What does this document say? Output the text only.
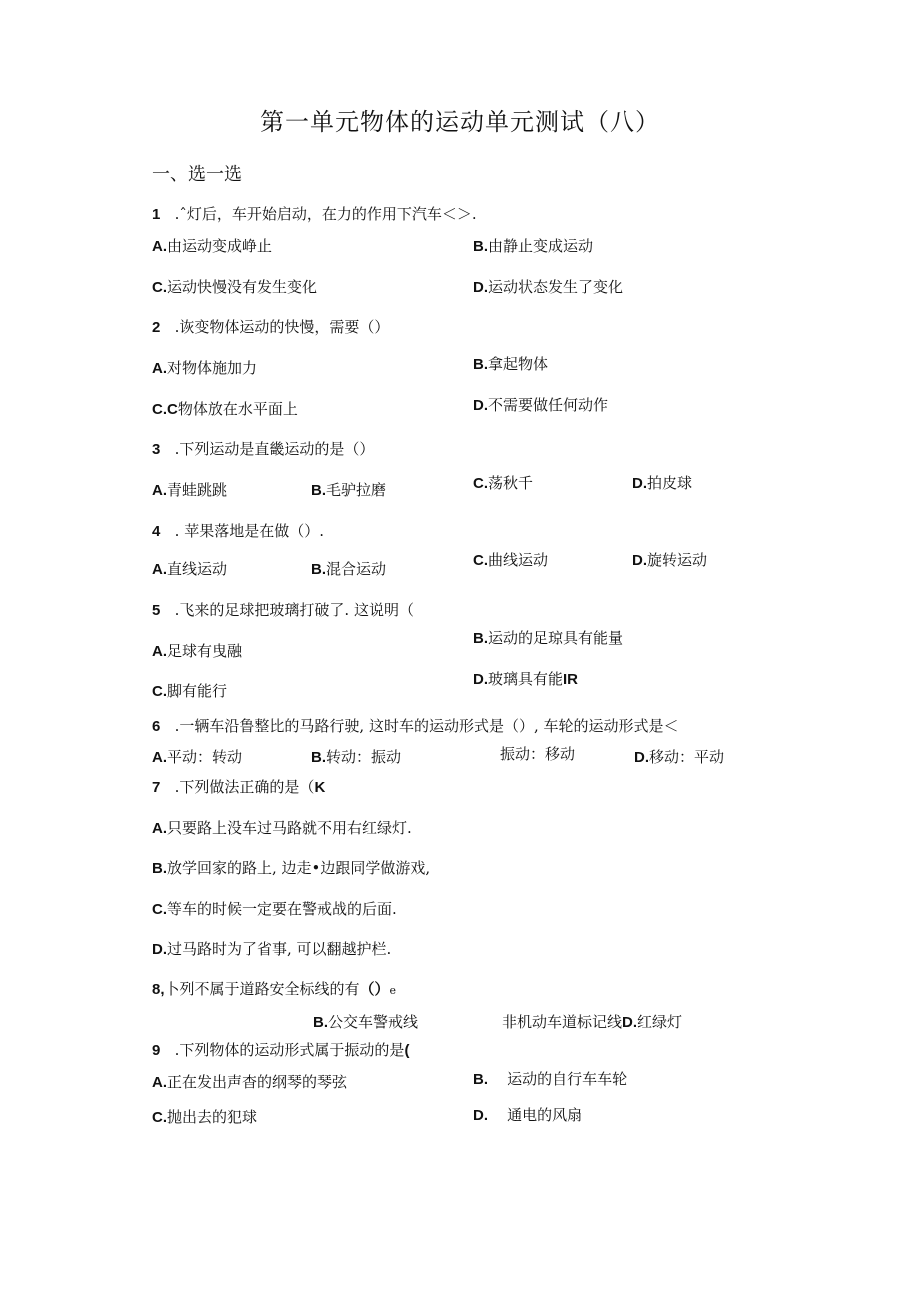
第一单元物体的运动单元测试（八）
一、选一选
1 .ˆ灯后，车开始启动，在力的作用下汽车＜＞.
A.由运动变成峥止	B.由静止变成运动
C.运动快慢没有发生变化	D.运动状态发生了变化
2 .诙变物体运动的快慢，需要（）
A.对物体施加力	B.拿起物体
C.C物体放在水平面上	D.不需要做任何动作
3 .下列运动是直畿运动的是（）
A.青蛙跳跳	B.毛驴拉磨	C.荡秋千	D.拍皮球
4 . 苹果落地是在做（）.
A.直线运动	B.混合运动	C.曲线运动	D.旋转运动
5 .飞来的足球把玻璃打破了. 这说明（
B.运动的足琼具有能量
A.足球有曳融
D.玻璃具有能IR
C.脚有能行
6 .一辆车沿鲁整比的马路行驶, 这时车的运动形式是（）, 车轮的运动形式是＜
A.平动：转动	B.转动：振动	振动：移动	D.移动：平动
7 .下列做法正确的是（K
A.只要路上没车过马路就不用右红绿灯.
B.放学回家的路上, 边走•边跟同学做游戏,
C.等车的时候一定要在警戒战的后面.
D.过马路时为了省事, 可以翻越护栏.
8,卜列不属于道路安全标线的有（）e
B.公交车警戒线	非机动车道标记线D.红绿灯
9 .下列物体的运动形式属于振动的是(
A.正在发出声杳的纲琴的琴弦	B. 运动的自行车车轮
C.抛出去的犯球	D. 通电的风扇
